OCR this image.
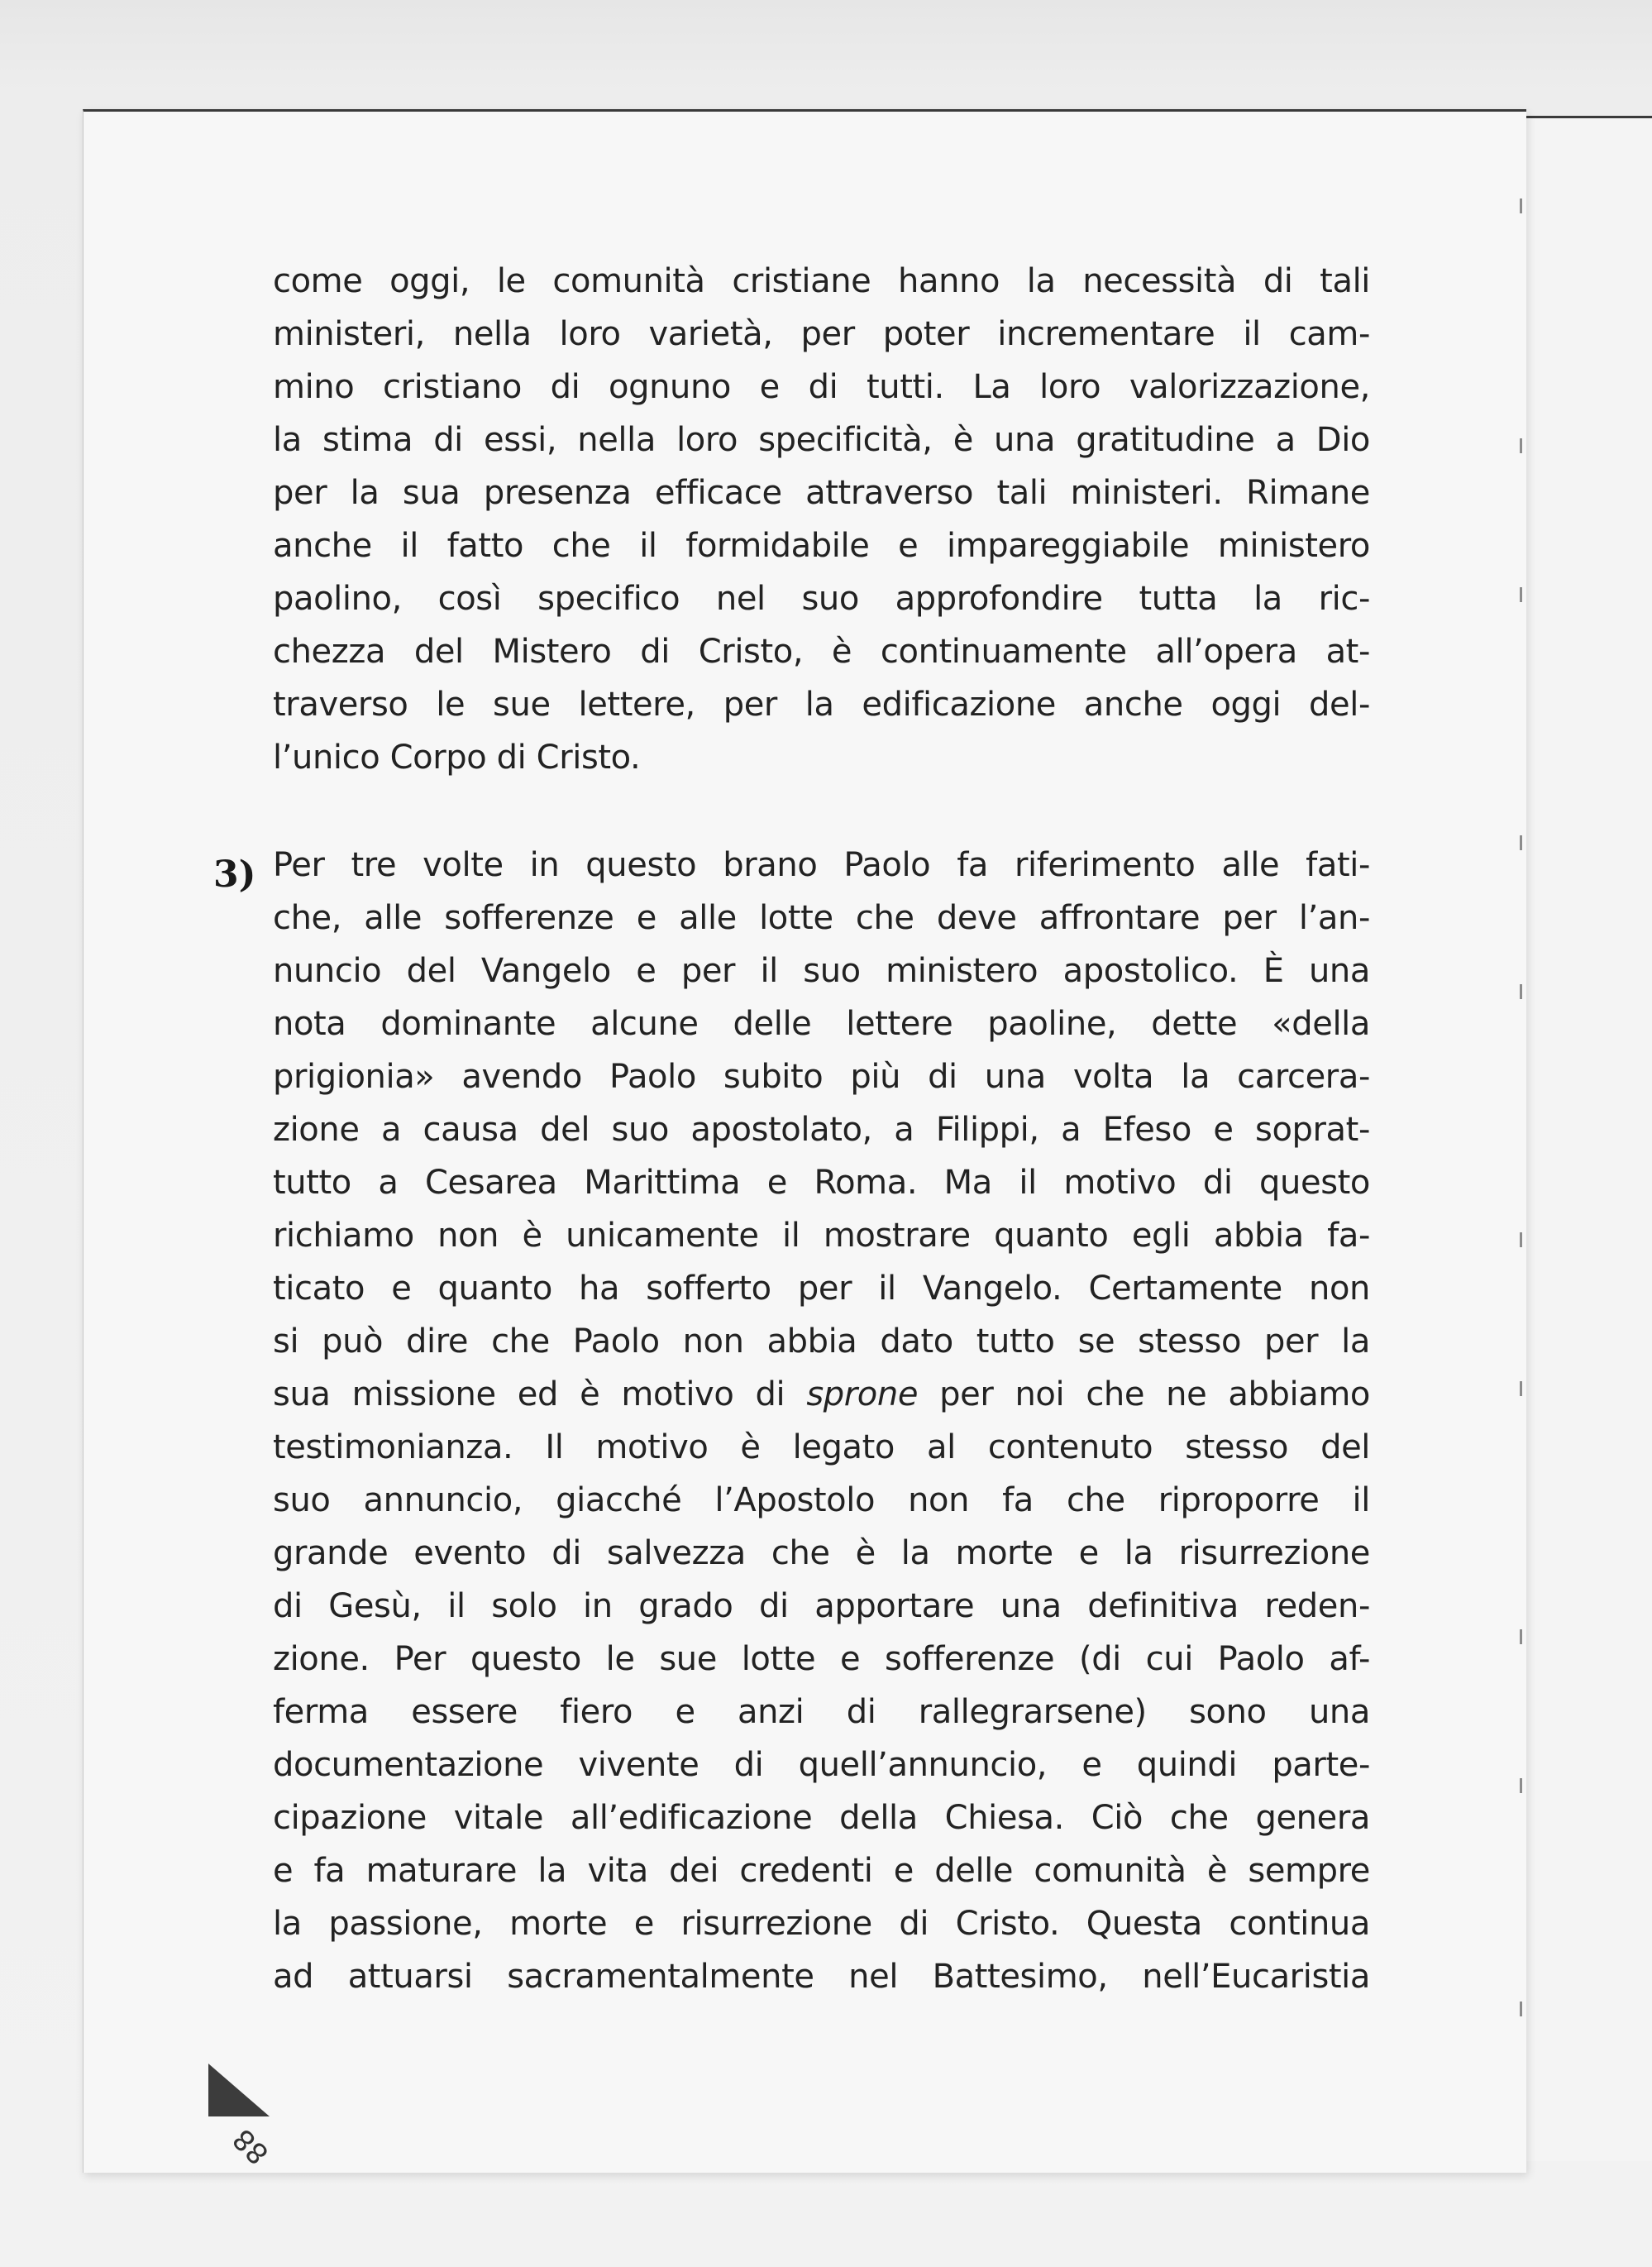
come oggi, le comunità cristiane hanno la necessità di tali
ministeri, nella loro varietà, per poter incrementare il cam-
mino cristiano di ognuno e di tutti. La loro valorizzazione,
la stima di essi, nella loro specificità, è una gratitudine a Dio
per la sua presenza efficace attraverso tali ministeri. Rimane
anche il fatto che il formidabile e impareggiabile ministero
paolino, così specifico nel suo approfondire tutta la ric-
chezza del Mistero di Cristo, è continuamente all’opera at-
traverso le sue lettere, per la edificazione anche oggi del-
l’unico Corpo di Cristo.
Per tre volte in questo brano Paolo fa riferimento alle fati-
che, alle sofferenze e alle lotte che deve affrontare per l’an-
nuncio del Vangelo e per il suo ministero apostolico. È una
nota dominante alcune delle lettere paoline, dette «della
prigionia» avendo Paolo subito più di una volta la carcera-
zione a causa del suo apostolato, a Filippi, a Efeso e soprat-
tutto a Cesarea Marittima e Roma. Ma il motivo di questo
richiamo non è unicamente il mostrare quanto egli abbia fa-
ticato e quanto ha sofferto per il Vangelo. Certamente non
si può dire che Paolo non abbia dato tutto se stesso per la
sua missione ed è motivo di sprone per noi che ne abbiamo
testimonianza. Il motivo è legato al contenuto stesso del
suo annuncio, giacché l’Apostolo non fa che riproporre il
grande evento di salvezza che è la morte e la risurrezione
di Gesù, il solo in grado di apportare una definitiva reden-
zione. Per questo le sue lotte e sofferenze (di cui Paolo af-
ferma essere fiero e anzi di rallegrarsene) sono una
documentazione vivente di quell’annuncio, e quindi parte-
cipazione vitale all’edificazione della Chiesa. Ciò che genera
e fa maturare la vita dei credenti e delle comunità è sempre
la passione, morte e risurrezione di Cristo. Questa continua
ad attuarsi sacramentalmente nel Battesimo, nell’Eucaristia
3)
88
